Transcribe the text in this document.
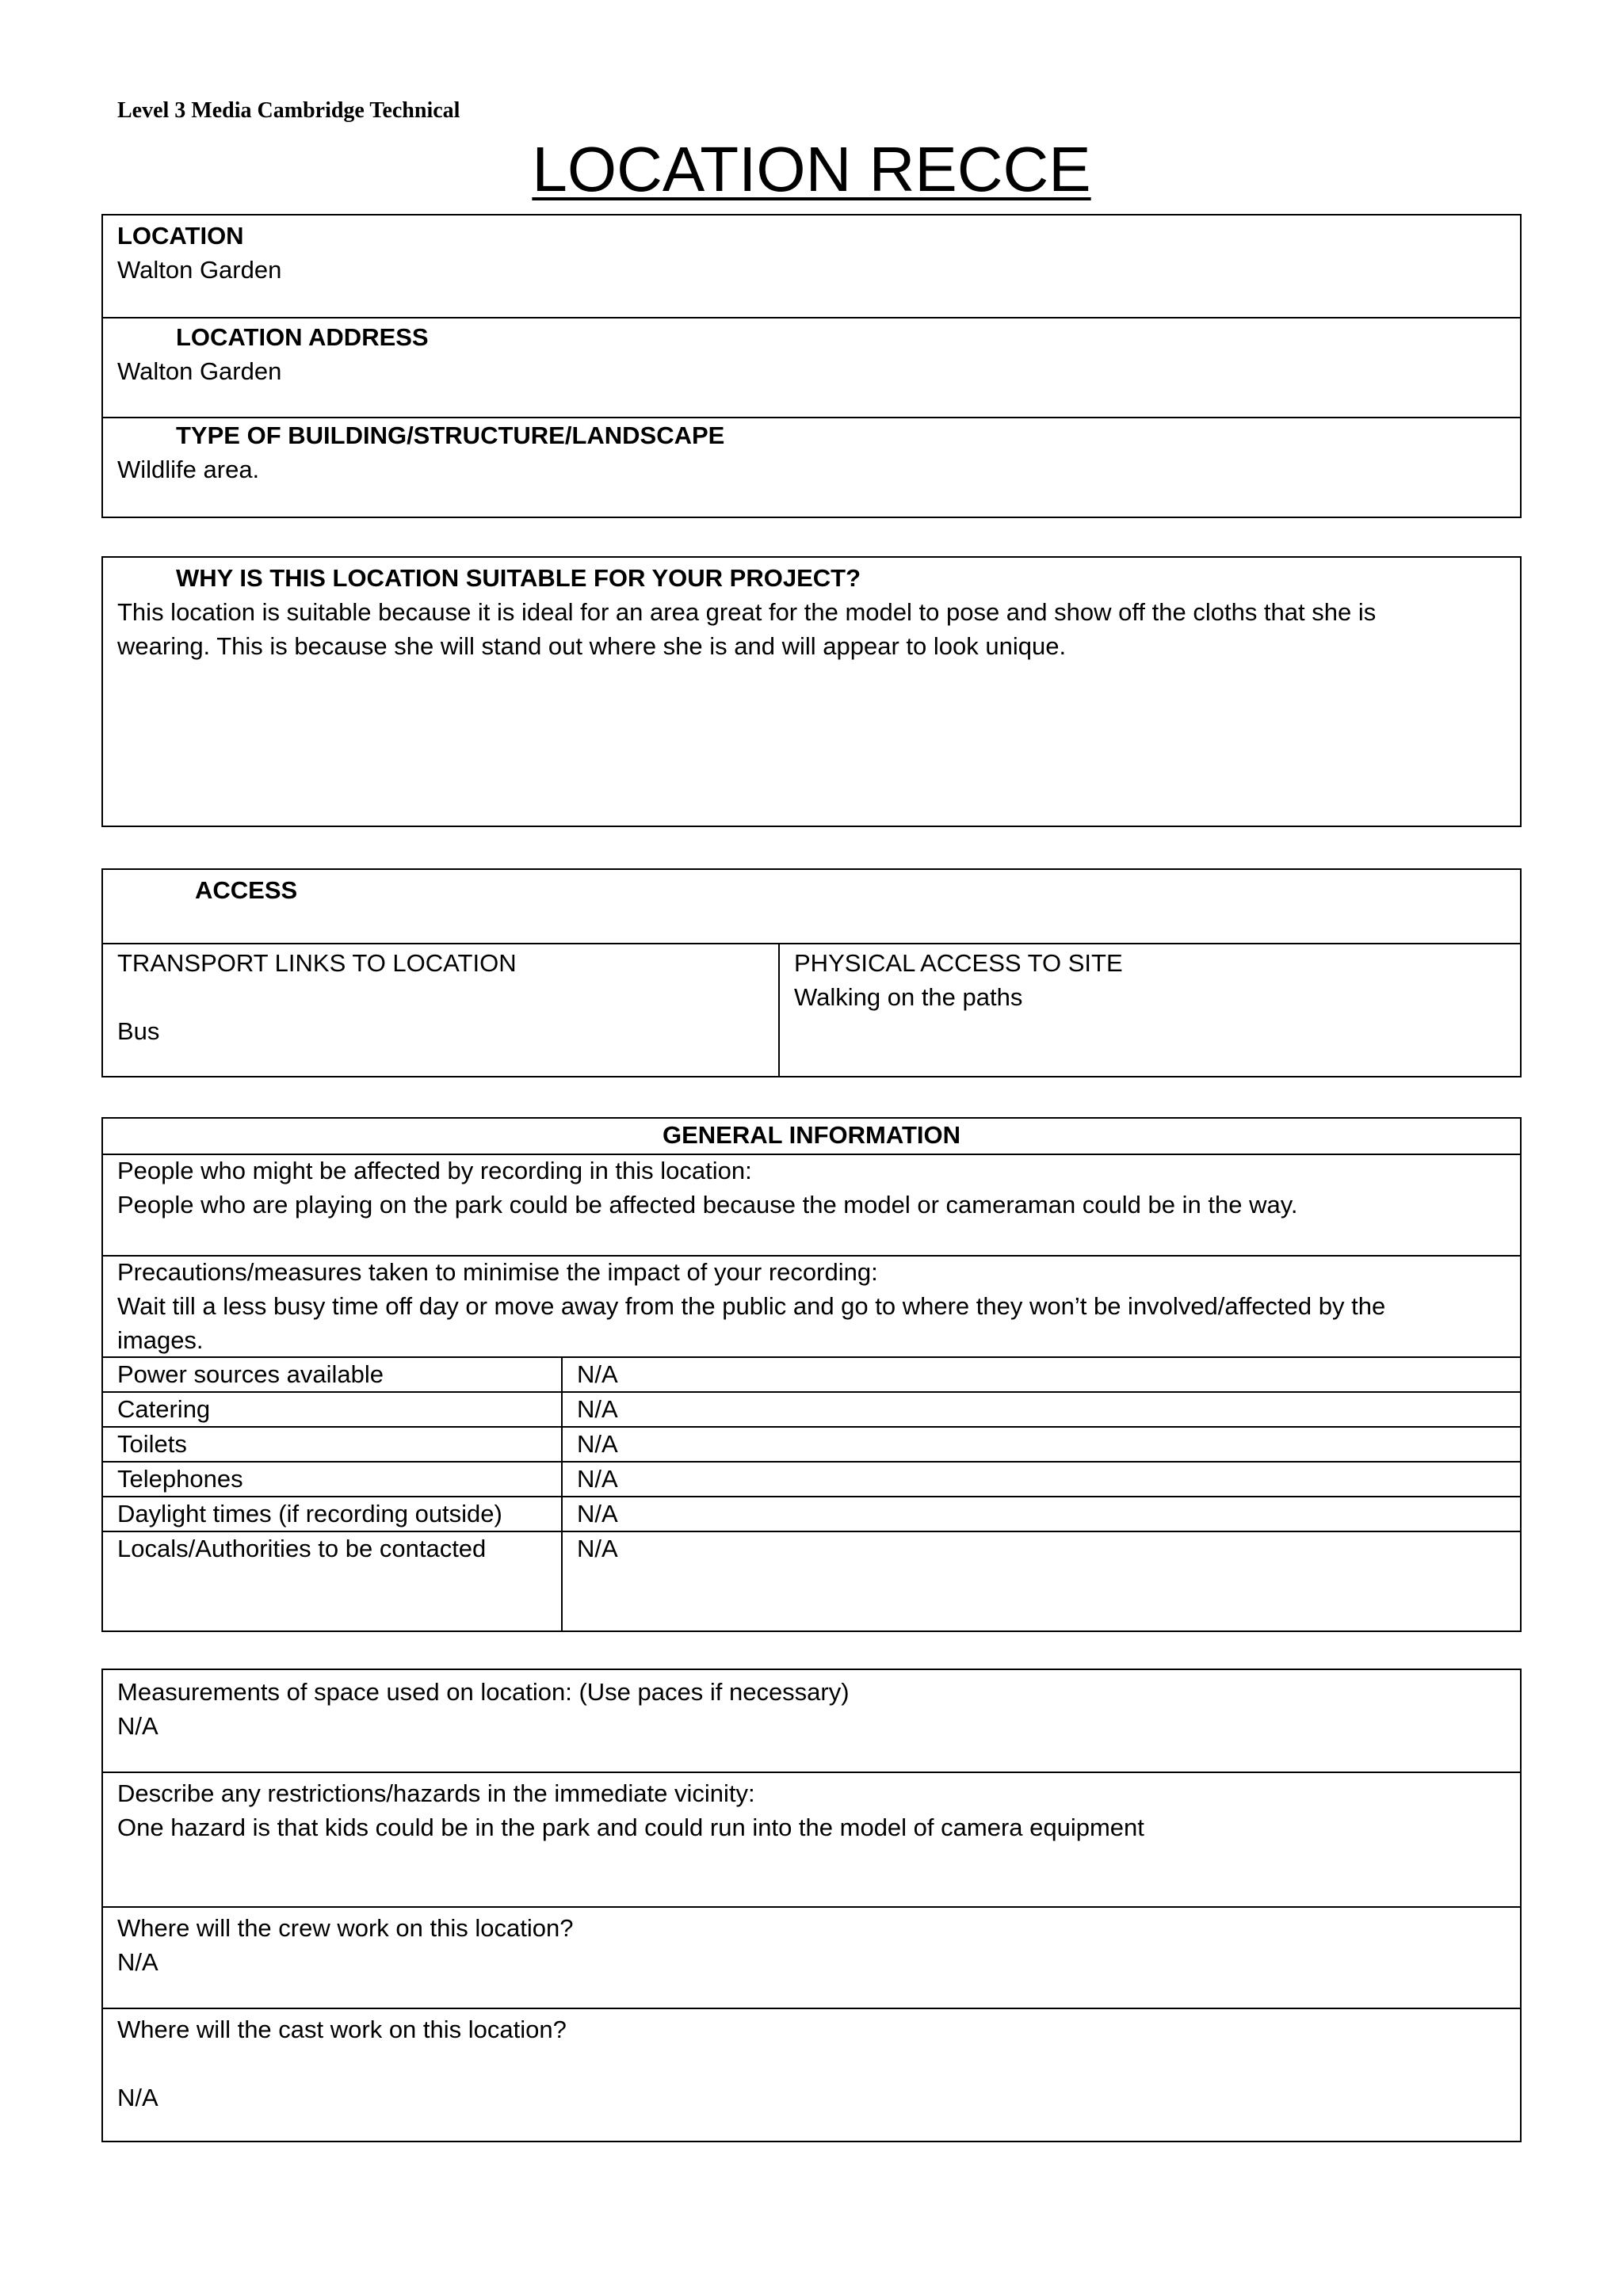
Level 3 Media Cambridge Technical
LOCATION RECCE
LOCATION
Walton Garden
LOCATION ADDRESS
Walton Garden
TYPE OF BUILDING/STRUCTURE/LANDSCAPE
Wildlife area.
WHY IS THIS LOCATION SUITABLE FOR YOUR PROJECT?
This location is suitable because it is ideal for an area great for the model to pose and show off the cloths that she is
wearing. This is because she will stand out where she is and will appear to look unique.
ACCESS
TRANSPORT LINKS TO LOCATION
Bus
PHYSICAL ACCESS TO SITE
Walking on the paths
GENERAL INFORMATION
People who might be affected by recording in this location:
People who are playing on the park could be affected because the model or cameraman could be in the way.
Precautions/measures taken to minimise the impact of your recording:
Wait till a less busy time off day or move away from the public and go to where they won’t be involved/affected by the
images.
Power sources available	N/A
Catering	N/A
Toilets	N/A
Telephones	N/A
Daylight times (if recording outside)	N/A
Locals/Authorities to be contacted	N/A
Measurements of space used on location: (Use paces if necessary)
N/A
Describe any restrictions/hazards in the immediate vicinity:
One hazard is that kids could be in the park and could run into the model of camera equipment
Where will the crew work on this location?
N/A
Where will the cast work on this location?
N/A
